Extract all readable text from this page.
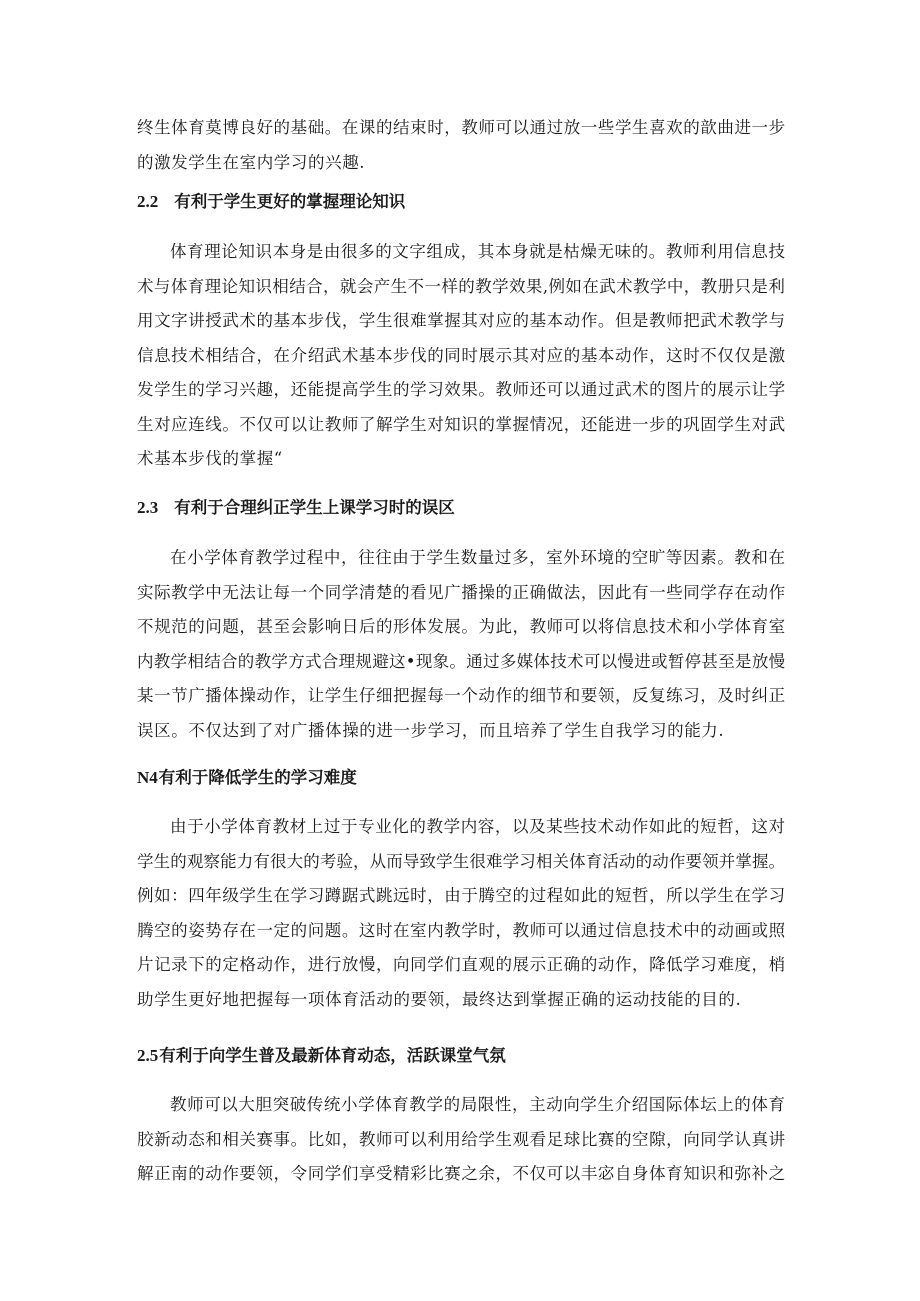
终生体育莫博良好的基础。在课的结束时，教师可以通过放一些学生喜欢的歆曲进一步
的激发学生在室内学习的兴趣.

2.2 有利于学生更好的掌握理论知识

体育理论知识本身是由很多的文字组成，其本身就是枯燥无味的。教师利用信息技
术与体育理论知识相结合，就会产生不一样的教学效果,例如在武术教学中，教册只是利
用文字讲授武术的基本步伐，学生很难掌握其对应的基本动作。但是教师把武术教学与
信息技术相结合，在介绍武术基本步伐的同时展示其对应的基本动作，这时不仅仅是激
发学生的学习兴趣，还能提高学生的学习效果。教师还可以通过武术的图片的展示让学
生对应连线。不仅可以让教师了解学生对知识的掌握情况，还能进一步的巩固学生对武
术基本步伐的掌握“

2.3 有利于合理纠正学生上课学习时的误区

在小学体育教学过程中，往往由于学生数量过多，室外环境的空旷等因素。教和在
实际教学中无法让每一个同学清楚的看见广播操的正确做法，因此有一些同学存在动作
不规范的问题，甚至会影响日后的形体发展。为此，教师可以将信息技术和小学体育室
内教学相结合的教学方式合理规避这•现象。通过多媒体技术可以慢进或暂停甚至是放慢
某一节广播体操动作，让学生仔细把握每一个动作的细节和要领，反复练习，及时纠正
误区。不仅达到了对广播体操的进一步学习，而且培养了学生自我学习的能力.

N4有利于降低学生的学习难度

由于小学体育教材上过于专业化的教学内容，以及某些技术动作如此的短哲，这对
学生的观察能力有很大的考验，从而导致学生很难学习相关体育活动的动作要领并掌握。
例如：四年级学生在学习蹲踞式跳远时，由于腾空的过程如此的短哲，所以学生在学习
腾空的姿势存在一定的问题。这时在室内教学时，教师可以通过信息技术中的动画或照
片记录下的定格动作，进行放慢，向同学们直观的展示正确的动作，降低学习难度，梢
助学生更好地把握每一项体育活动的要领，最终达到掌握正确的运动技能的目的.

2.5有利于向学生普及最新体育动态，活跃课堂气氛

教师可以大胆突破传统小学体育教学的局限性，主动向学生介绍国际体坛上的体育
胶新动态和相关赛事。比如，教师可以利用给学生观看足球比赛的空隙，向同学认真讲
解正南的动作要领，令同学们享受精彩比赛之余，不仅可以丰宓自身体育知识和弥补之
